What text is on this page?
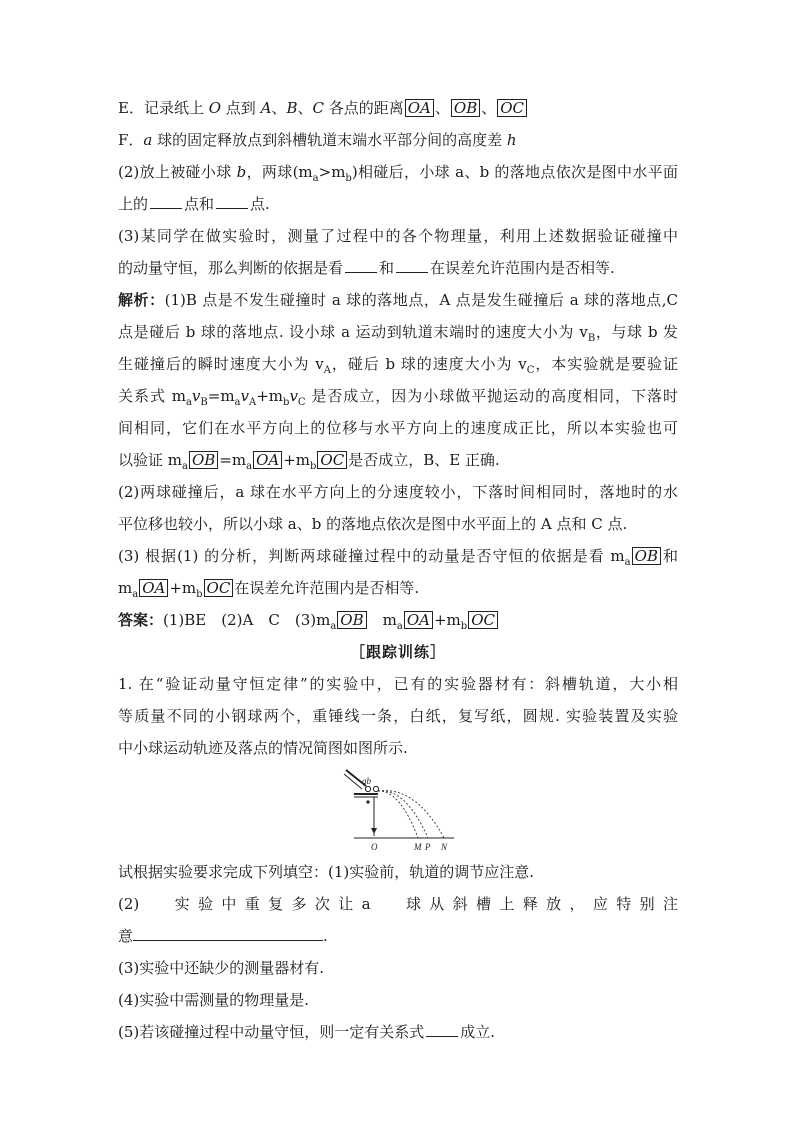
E．记录纸上 O 点到 A、B、C 各点的距离 OA 、 OB 、 OC
F．a 球的固定释放点到斜槽轨道末端水平部分间的高度差 h
(2)放上被碰小球 b，两球$(m_a>m_b)$相碰后，小球 a、b 的落地点依次是图中水平面
上的 点和 点.
(3)某同学在做实验时，测量了过程中的各个物理量，利用上述数据验证碰撞中
的动量守恒，那么判断的依据是看 和 在误差允许范围内是否相等.
解析：(1)B 点是不发生碰撞时 a 球的落地点，A 点是发生碰撞后 a 球的落地点,C
点是碰后 b 球的落地点. 设小球 a 运动到轨道末端时的速度大小为 $v_B$，与球 b 发
生碰撞后的瞬时速度大小为 $v_A$，碰后 b 球的速度大小为 $v_C$，本实验就是要验证
关系式 $m_av_B=m_av_A+m_bv_C$ 是否成立，因为小球做平抛运动的高度相同，下落时
间相同，它们在水平方向上的位移与水平方向上的速度成正比，所以本实验也可
以验证 $m_a$ OB $=m_a$ OA $+m_b$ OC 是否成立，B、E 正确.
(2)两球碰撞后，a 球在水平方向上的分速度较小，下落时间相同时，落地时的水
平位移也较小，所以小球 a、b 的落地点依次是图中水平面上的 A 点和 C 点.
(3) 根据(1) 的分析，判断两球碰撞过程中的动量是否守恒的依据是看 $m_a$ OB 和
$m_a$ OA $+m_b$ OC 在误差允许范围内是否相等.
答案：(1)BE　 (2)A　C　 $(3)m_a$ OB　 $m_a$ OA $+m_b$ OC
［跟踪训练］
1. 在“验证动量守恒定律”的实验中，已有的实验器材有：斜槽轨道，大小相
等质量不同的小钢球两个，重锤线一条，白纸，复写纸，圆规. 实验装置及实验
中小球运动轨迹及落点的情况简图如图所示.
ab
O	M P N
试根据实验要求完成下列填空：(1)实验前，轨道的调节应注意.
(2)　　实 验 中 重 复 多 次 让 a　　球 从 斜 槽 上 释 放 ， 应 特 别 注
意	.
(3)实验中还缺少的测量器材有.
(4)实验中需测量的物理量是.
(5)若该碰撞过程中动量守恒，则一定有关系式 成立.
